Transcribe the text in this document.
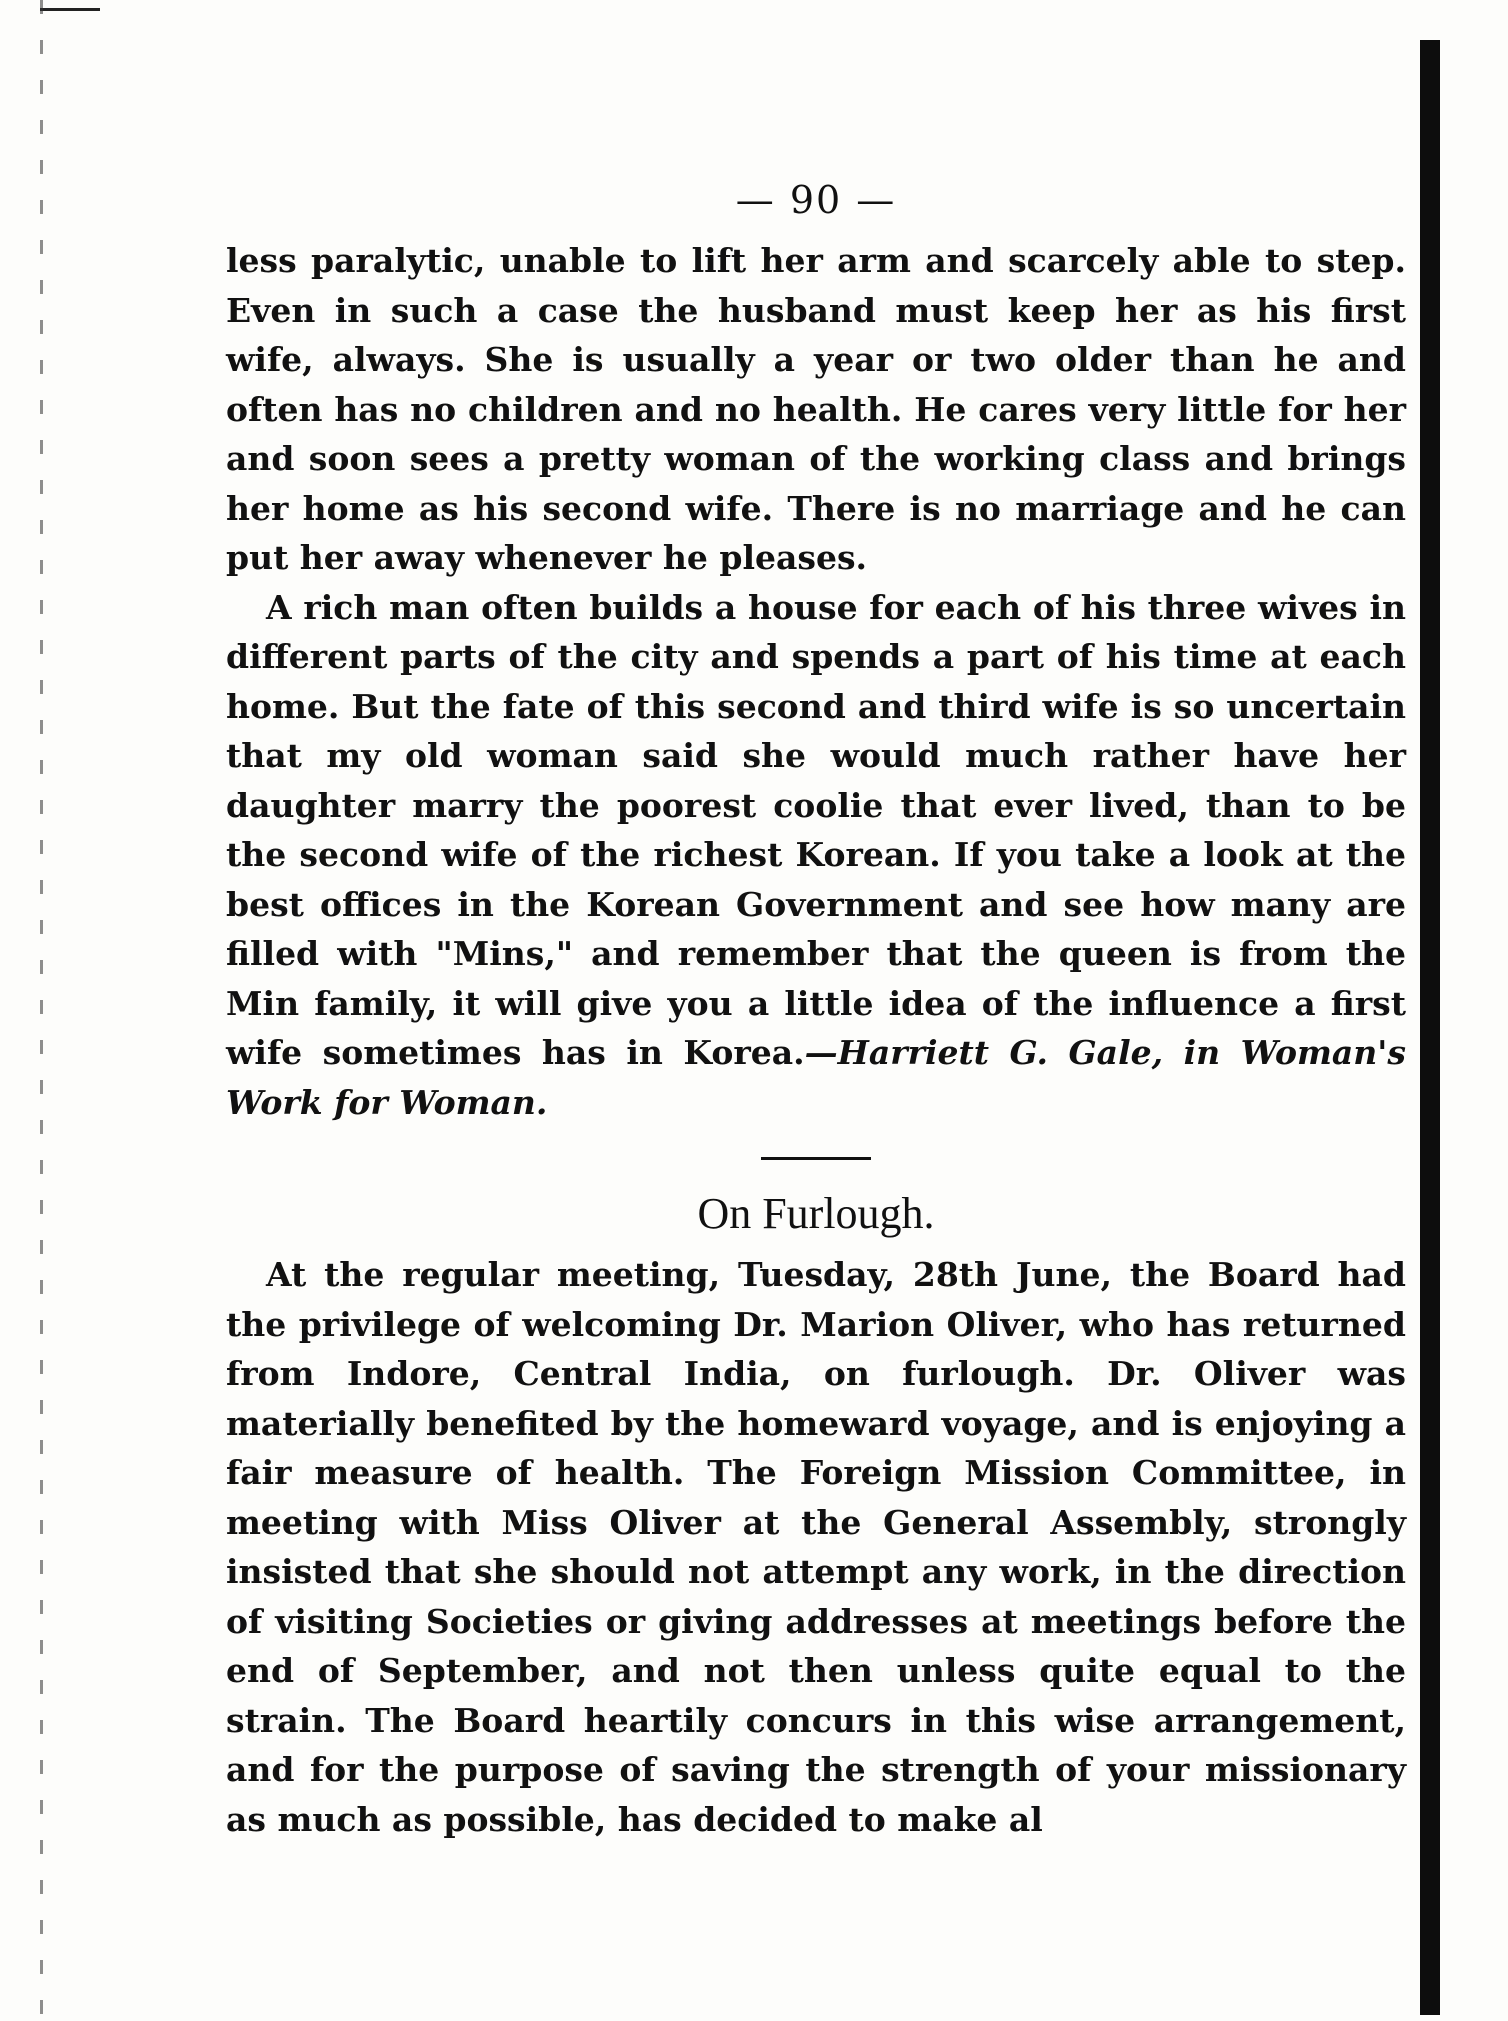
— 90 —

less paralytic, unable to lift her arm and scarcely able to step. Even in such a case the husband must keep her as his first wife, always. She is usually a year or two older than he and often has no children and no health. He cares very little for her and soon sees a pretty woman of the working class and brings her home as his second wife. There is no marriage and he can put her away whenever he pleases.

A rich man often builds a house for each of his three wives in different parts of the city and spends a part of his time at each home. But the fate of this second and third wife is so uncertain that my old woman said she would much rather have her daughter marry the poorest coolie that ever lived, than to be the second wife of the richest Korean. If you take a look at the best offices in the Korean Government and see how many are filled with "Mins," and remember that the queen is from the Min family, it will give you a little idea of the influence a first wife sometimes has in Korea.—Harriett G. Gale, in Woman's Work for Woman.

On Furlough.

At the regular meeting, Tuesday, 28th June, the Board had the privilege of welcoming Dr. Marion Oliver, who has returned from Indore, Central India, on furlough. Dr. Oliver was materially benefited by the homeward voyage, and is enjoying a fair measure of health. The Foreign Mission Committee, in meeting with Miss Oliver at the General Assembly, strongly insisted that she should not attempt any work, in the direction of visiting Societies or giving addresses at meetings before the end of September, and not then unless quite equal to the strain. The Board heartily concurs in this wise arrangement, and for the purpose of saving the strength of your missionary as much as possible, has decided to make al
